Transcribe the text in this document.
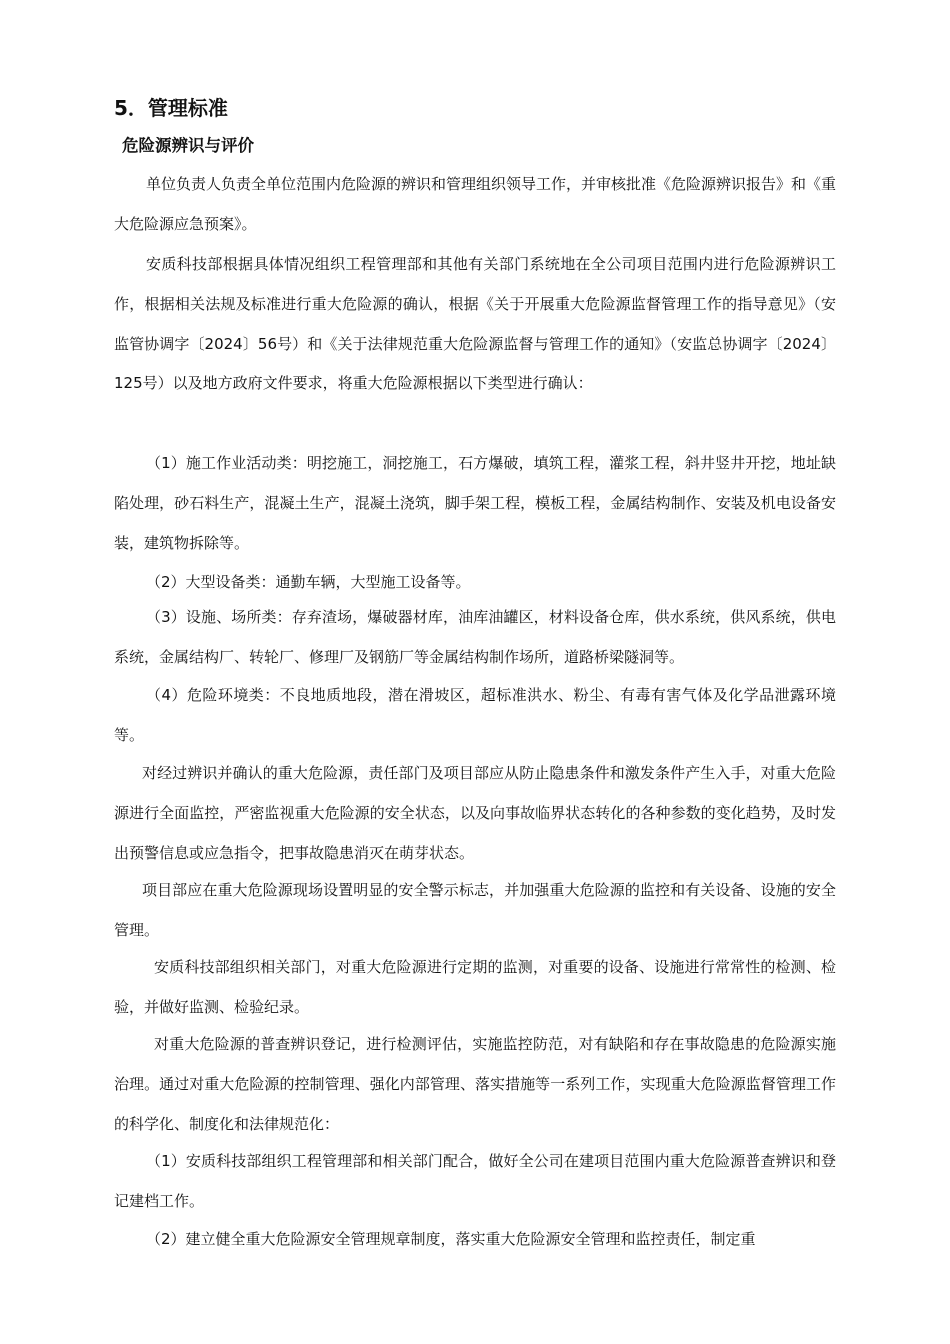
5．管理标准
危险源辨识与评价

单位负责人负责全单位范围内危险源的辨识和管理组织领导工作，并审核批准《危险源辨识报告》和《重大危险源应急预案》。

安质科技部根据具体情况组织工程管理部和其他有关部门系统地在全公司项目范围内进行危险源辨识工作，根据相关法规及标准进行重大危险源的确认，根据《关于开展重大危险源监督管理工作的指导意见》（安监管协调字〔2024〕56号）和《关于法律规范重大危险源监督与管理工作的通知》（安监总协调字〔2024〕125号）以及地方政府文件要求，将重大危险源根据以下类型进行确认：

（1）施工作业活动类：明挖施工，洞挖施工，石方爆破，填筑工程，灌浆工程，斜井竖井开挖，地址缺陷处理，砂石料生产，混凝土生产，混凝土浇筑，脚手架工程，模板工程，金属结构制作、安装及机电设备安装，建筑物拆除等。

（2）大型设备类：通勤车辆，大型施工设备等。

（3）设施、场所类：存弃渣场，爆破器材库，油库油罐区，材料设备仓库，供水系统，供风系统，供电系统，金属结构厂、转轮厂、修理厂及钢筋厂等金属结构制作场所，道路桥梁隧洞等。

（4）危险环境类：不良地质地段，潜在滑坡区，超标准洪水、粉尘、有毒有害气体及化学品泄露环境等。

对经过辨识并确认的重大危险源，责任部门及项目部应从防止隐患条件和激发条件产生入手，对重大危险源进行全面监控，严密监视重大危险源的安全状态，以及向事故临界状态转化的各种参数的变化趋势，及时发出预警信息或应急指令，把事故隐患消灭在萌芽状态。

项目部应在重大危险源现场设置明显的安全警示标志，并加强重大危险源的监控和有关设备、设施的安全管理。

安质科技部组织相关部门，对重大危险源进行定期的监测，对重要的设备、设施进行常常性的检测、检验，并做好监测、检验纪录。

对重大危险源的普查辨识登记，进行检测评估，实施监控防范，对有缺陷和存在事故隐患的危险源实施治理。通过对重大危险源的控制管理、强化内部管理、落实措施等一系列工作，实现重大危险源监督管理工作的科学化、制度化和法律规范化：

（1）安质科技部组织工程管理部和相关部门配合，做好全公司在建项目范围内重大危险源普查辨识和登记建档工作。

（2）建立健全重大危险源安全管理规章制度，落实重大危险源安全管理和监控责任，制定重
